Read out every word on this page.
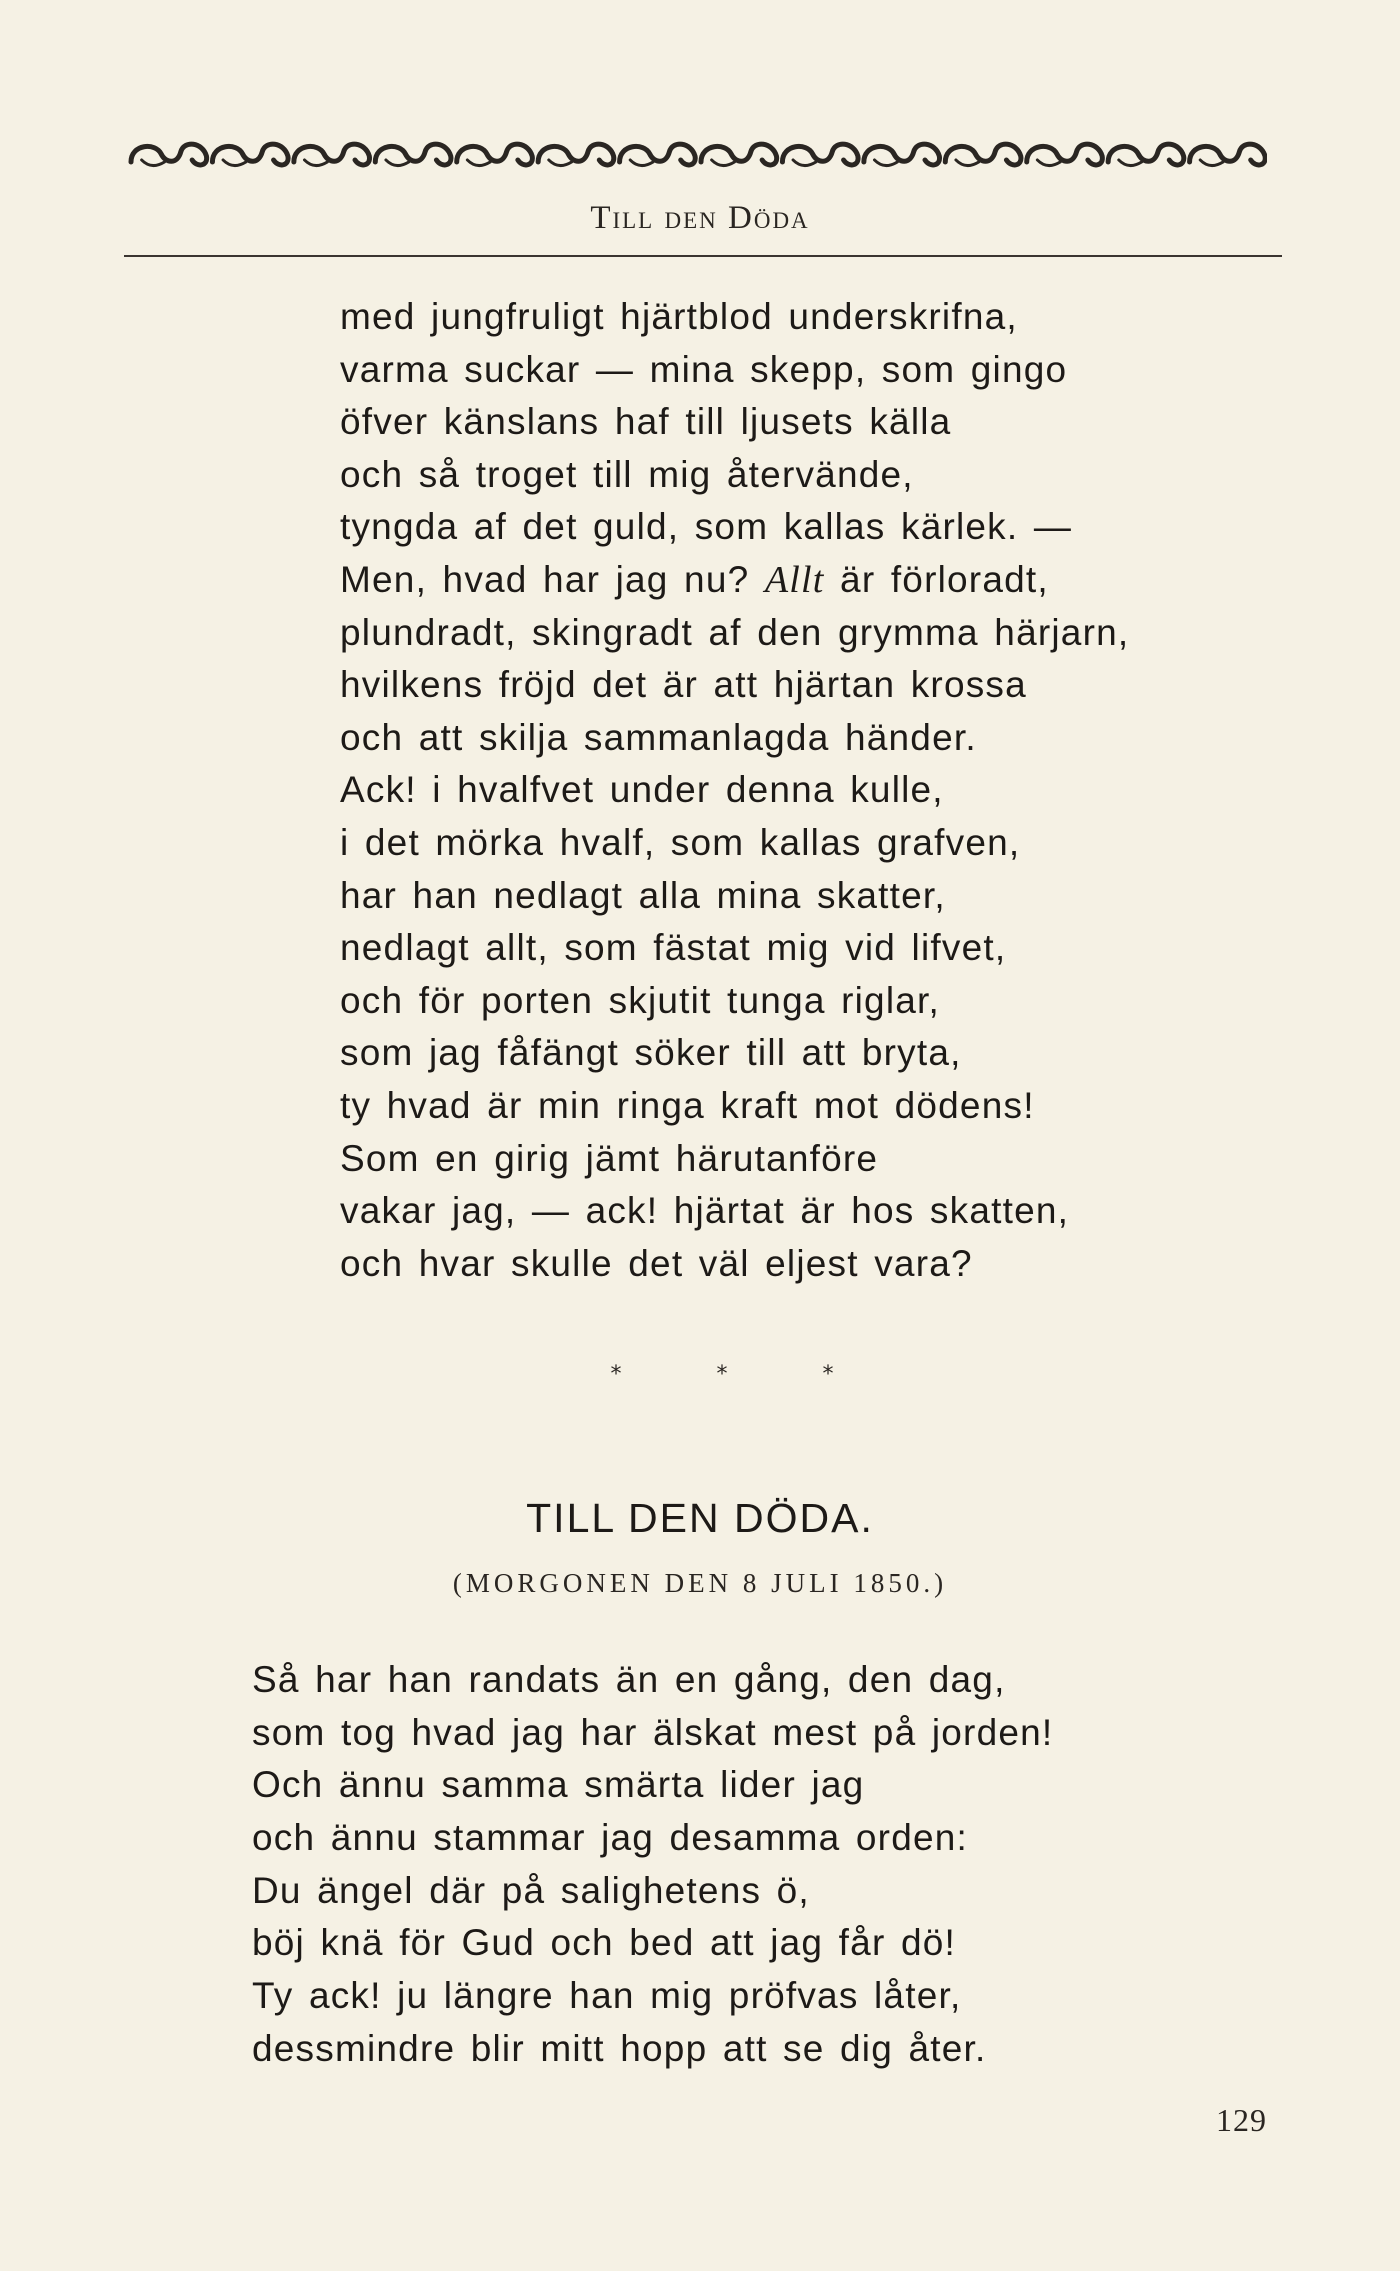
Till den Döda
med jungfruligt hjärtblod underskrifna,
varma suckar — mina skepp, som gingo
öfver känslans haf till ljusets källa
och så troget till mig återvände,
tyngda af det guld, som kallas kärlek. —
Men, hvad har jag nu? Allt är förloradt,
plundradt, skingradt af den grymma härjarn,
hvilkens fröjd det är att hjärtan krossa
och att skilja sammanlagda händer.
Ack! i hvalfvet under denna kulle,
i det mörka hvalf, som kallas grafven,
har han nedlagt alla mina skatter,
nedlagt allt, som fästat mig vid lifvet,
och för porten skjutit tunga riglar,
som jag fåfängt söker till att bryta,
ty hvad är min ringa kraft mot dödens!
Som en girig jämt härutanföre
vakar jag, — ack! hjärtat är hos skatten,
och hvar skulle det väl eljest vara?
* * *
TILL DEN DÖDA.
(MORGONEN DEN 8 JULI 1850.)
Så har han randats än en gång, den dag,
som tog hvad jag har älskat mest på jorden!
Och ännu samma smärta lider jag
och ännu stammar jag desamma orden:
Du ängel där på salighetens ö,
böj knä för Gud och bed att jag får dö!
Ty ack! ju längre han mig pröfvas låter,
dessmindre blir mitt hopp att se dig åter.
129
